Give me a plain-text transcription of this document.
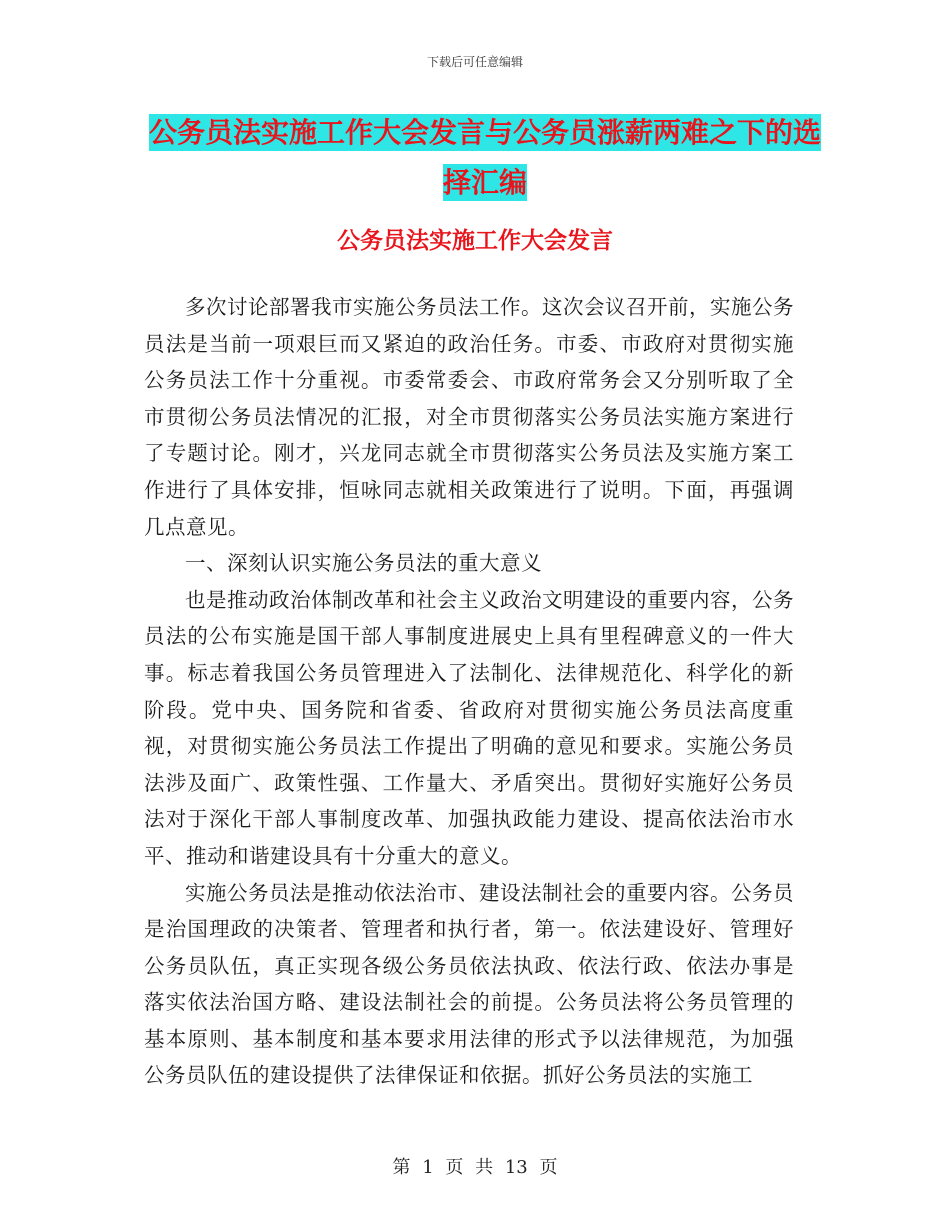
下载后可任意编辑
公务员法实施工作大会发言与公务员涨薪两难之下的选择汇编
公务员法实施工作大会发言

多次讨论部署我市实施公务员法工作。这次会议召开前，实施公务员法是当前一项艰巨而又紧迫的政治任务。市委、市政府对贯彻实施公务员法工作十分重视。市委常委会、市政府常务会又分别听取了全市贯彻公务员法情况的汇报，对全市贯彻落实公务员法实施方案进行了专题讨论。刚才，兴龙同志就全市贯彻落实公务员法及实施方案工作进行了具体安排，恒咏同志就相关政策进行了说明。下面，再强调几点意见。

一、深刻认识实施公务员法的重大意义

也是推动政治体制改革和社会主义政治文明建设的重要内容，公务员法的公布实施是国干部人事制度进展史上具有里程碑意义的一件大事。标志着我国公务员管理进入了法制化、法律规范化、科学化的新阶段。党中央、国务院和省委、省政府对贯彻实施公务员法高度重视，对贯彻实施公务员法工作提出了明确的意见和要求。实施公务员法涉及面广、政策性强、工作量大、矛盾突出。贯彻好实施好公务员法对于深化干部人事制度改革、加强执政能力建设、提高依法治市水平、推动和谐建设具有十分重大的意义。

实施公务员法是推动依法治市、建设法制社会的重要内容。公务员是治国理政的决策者、管理者和执行者，第一。依法建设好、管理好公务员队伍，真正实现各级公务员依法执政、依法行政、依法办事是落实依法治国方略、建设法制社会的前提。公务员法将公务员管理的基本原则、基本制度和基本要求用法律的形式予以法律规范，为加强公务员队伍的建设提供了法律保证和依据。抓好公务员法的实施工

第 1 页 共 13 页
